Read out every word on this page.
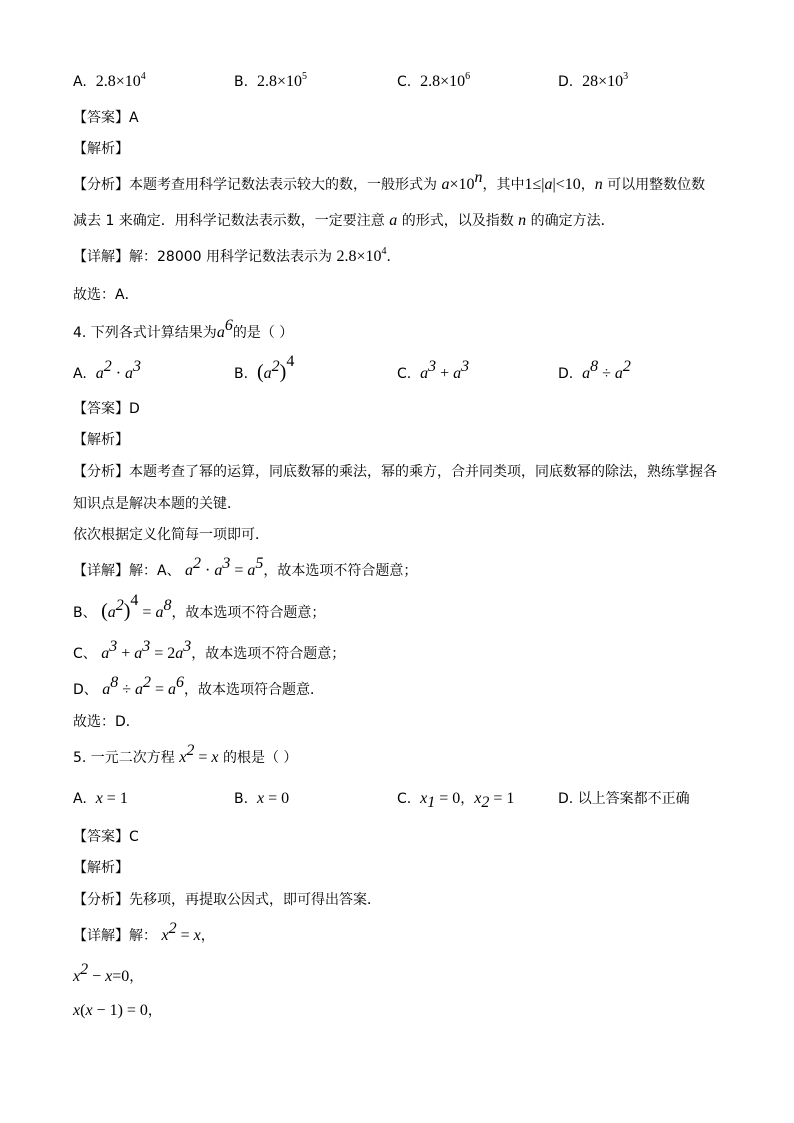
A. $2.8\times 10^4$	B. $2.8\times 10^5$	C. $2.8\times 10^6$	D. $28\times 10^3$
【答案】A
【解析】
【分析】本题考查用科学记数法表示较大的数，一般形式为 $a\times 10^n$，其中1≤|a|<10，n 可以用整数位数
减去 1 来确定．用科学记数法表示数，一定要注意 a 的形式，以及指数 n 的确定方法．
【详解】解：28000 用科学记数法表示为 $2.8\times 10^4$．
故选：A．
4. 下列各式计算结果为$a^6$的是（ ）
A. $a^2 \cdot a^3$	B. $(a^2)^4$
C. $a^3 + a^3$	D. $a^8 \div a^2$
【答案】D
【解析】
【分析】本题考查了幂的运算，同底数幂的乘法，幂的乘方，合并同类项，同底数幂的除法，熟练掌握各
知识点是解决本题的关键．
依次根据定义化简每一项即可．
【详解】解：A、 $a^2 \cdot a^3 = a^5$，故本选项不符合题意；
B、 $(a^2)^4 = a^8$，故本选项不符合题意；
C、 $a^3 + a^3 = 2a^3$，故本选项不符合题意；
D、 $a^8 \div a^2 = a^6$，故本选项符合题意．
故选：D．
5. 一元二次方程 $x^2 = x$ 的根是（ ）
A. x = 1	B. x = 0	C. $x_1 = 0$，$x_2 = 1$	D. 以上答案都不正确
【答案】C
【解析】
【分析】先移项，再提取公因式，即可得出答案．
【详解】解： $x^2 = x$，
$x^2 - x=0$，
x(x − 1) = 0，
